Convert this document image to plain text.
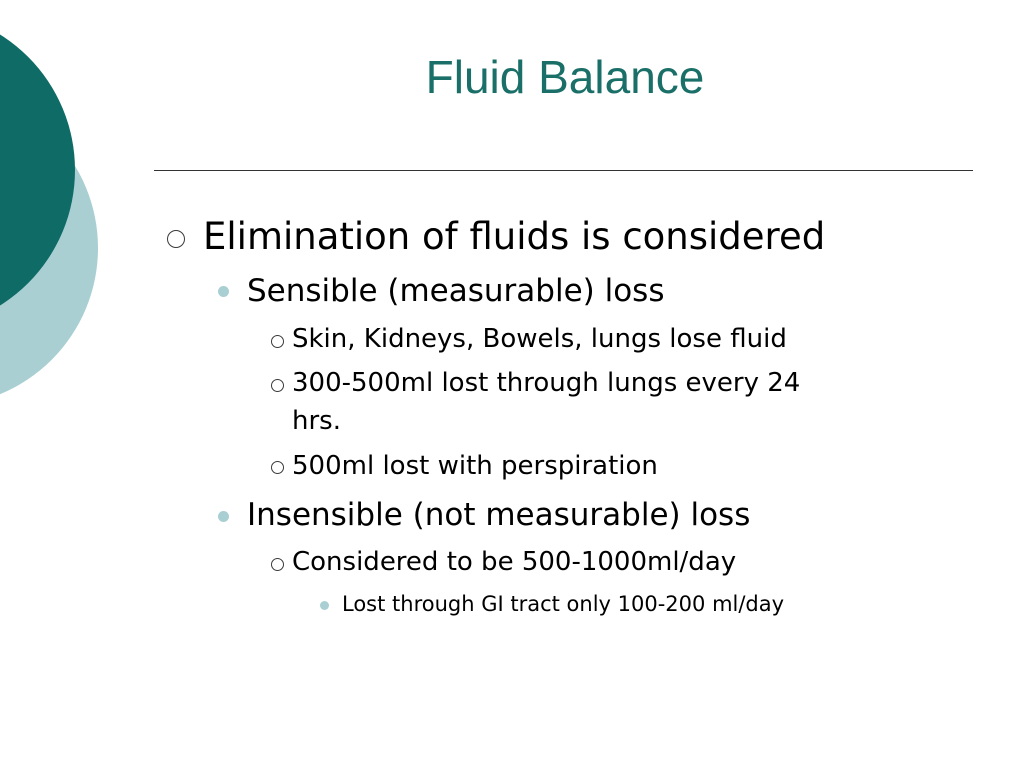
Fluid Balance
Elimination of fluids is considered
Sensible (measurable) loss
Skin, Kidneys, Bowels, lungs lose fluid
300-500ml lost through lungs every 24
hrs.
500ml lost with perspiration
Insensible (not measurable) loss
Considered to be 500-1000ml/day
Lost through GI tract only 100-200 ml/day
